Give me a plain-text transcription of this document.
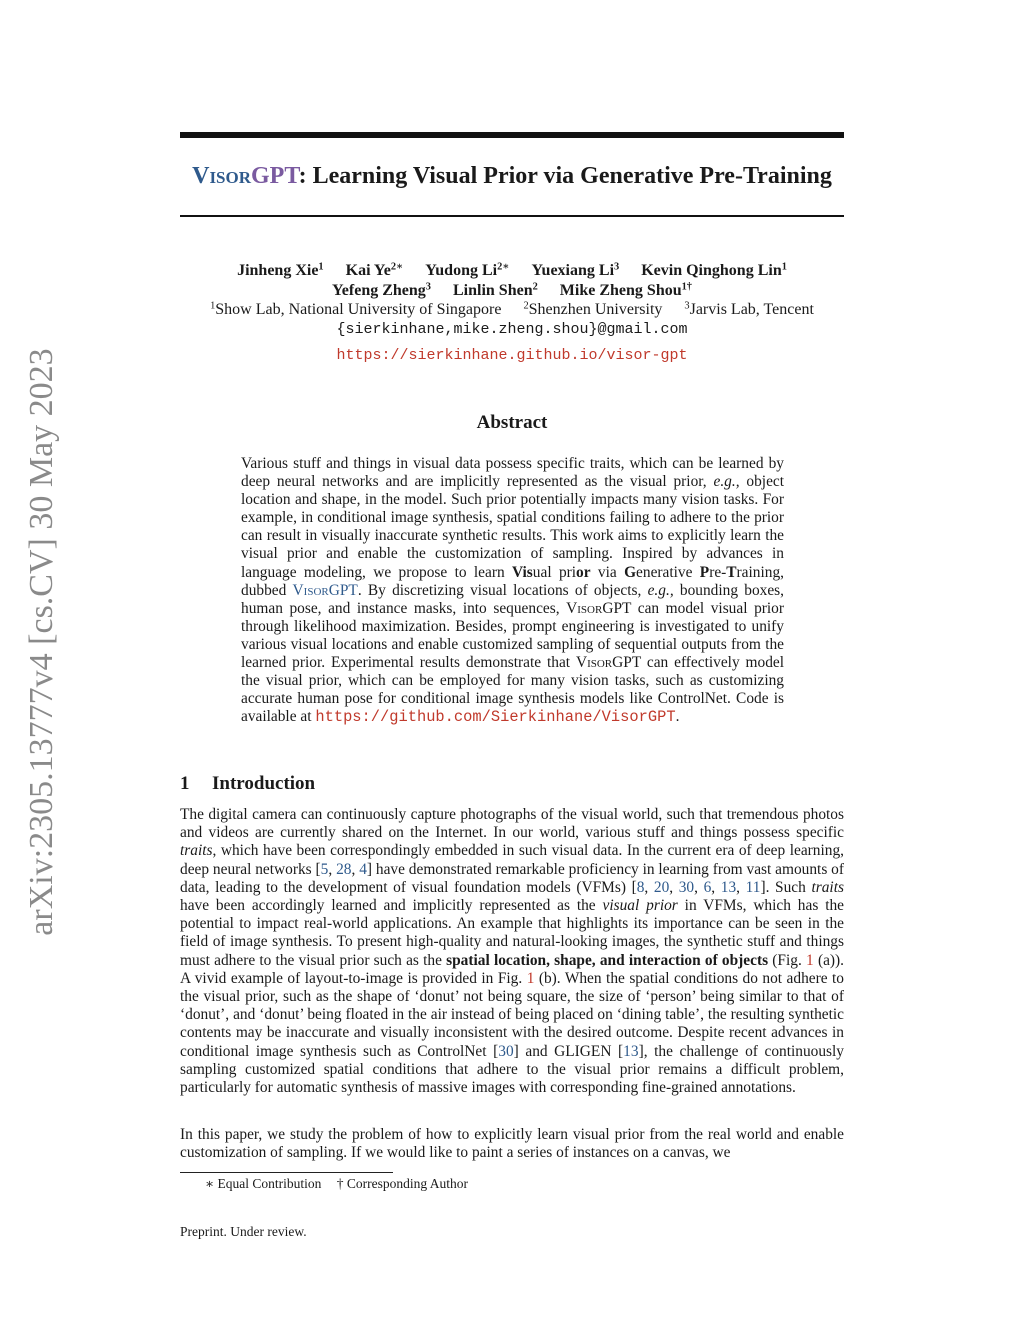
arXiv:2305.13777v4 [cs.CV] 30 May 2023
VisorGPT: Learning Visual Prior via Generative Pre-Training
Jinheng Xie$^1$ Kai $Ye^{2∗}$ Yudong $Li^{2∗}$ Yuexiang Li$^3$ Kevin Qinghong Lin$^1$
Yefeng Zheng$^3$ Linlin Shen$^2$ Mike Zheng Shou$^{1\dagger}$
$^1$Show Lab, National University of Singapore $^2$Shenzhen University $^3$Jarvis Lab, Tencent
{sierkinhane,mike.zheng.shou}@gmail.com
https://sierkinhane.github.io/visor-gpt
Abstract
Various stuff and things in visual data possess specific traits, which can be learned by deep neural networks and are implicitly represented as the visual prior, e.g., object location and shape, in the model. Such prior potentially impacts many vision tasks. For example, in conditional image synthesis, spatial conditions failing to adhere to the prior can result in visually inaccurate synthetic results. This work aims to explicitly learn the visual prior and enable the customization of sampling. Inspired by advances in language modeling, we propose to learn Visual prior via Generative Pre-Training, dubbed VisorGPT. By discretizing visual locations of objects, e.g., bounding boxes, human pose, and instance masks, into sequences, VisorGPT can model visual prior through likelihood maximization. Besides, prompt engineering is investigated to unify various visual locations and enable customized sampling of sequential outputs from the learned prior. Experimental results demonstrate that VisorGPT can effectively model the visual prior, which can be employed for many vision tasks, such as customizing accurate human pose for conditional image synthesis models like ControlNet. Code is available at https://github.com/Sierkinhane/VisorGPT.
1 Introduction
The digital camera can continuously capture photographs of the visual world, such that tremendous photos and videos are currently shared on the Internet. In our world, various stuff and things possess specific traits, which have been correspondingly embedded in such visual data. In the current era of deep learning, deep neural networks [5, 28, 4] have demonstrated remarkable proficiency in learning from vast amounts of data, leading to the development of visual foundation models (VFMs) [8, 20, 30, 6, 13, 11]. Such traits have been accordingly learned and implicitly represented as the visual prior in VFMs, which has the potential to impact real-world applications. An example that highlights its importance can be seen in the field of image synthesis. To present high-quality and natural-looking images, the synthetic stuff and things must adhere to the visual prior such as the spatial location, shape, and interaction of objects (Fig. 1 (a)). A vivid example of layout-to-image is provided in Fig. 1 (b). When the spatial conditions do not adhere to the visual prior, such as the shape of ‘donut’ not being square, the size of ‘person’ being similar to that of ‘donut’, and ‘donut’ being floated in the air instead of being placed on ‘dining table’, the resulting synthetic contents may be inaccurate and visually inconsistent with the desired outcome. Despite recent advances in conditional image synthesis such as ControlNet [30] and GLIGEN [13], the challenge of continuously sampling customized spatial conditions that adhere to the visual prior remains a difficult problem, particularly for automatic synthesis of massive images with corresponding fine-grained annotations.
In this paper, we study the problem of how to explicitly learn visual prior from the real world and enable customization of sampling. If we would like to paint a series of instances on a canvas, we
∗ Equal Contribution † Corresponding Author
Preprint. Under review.
